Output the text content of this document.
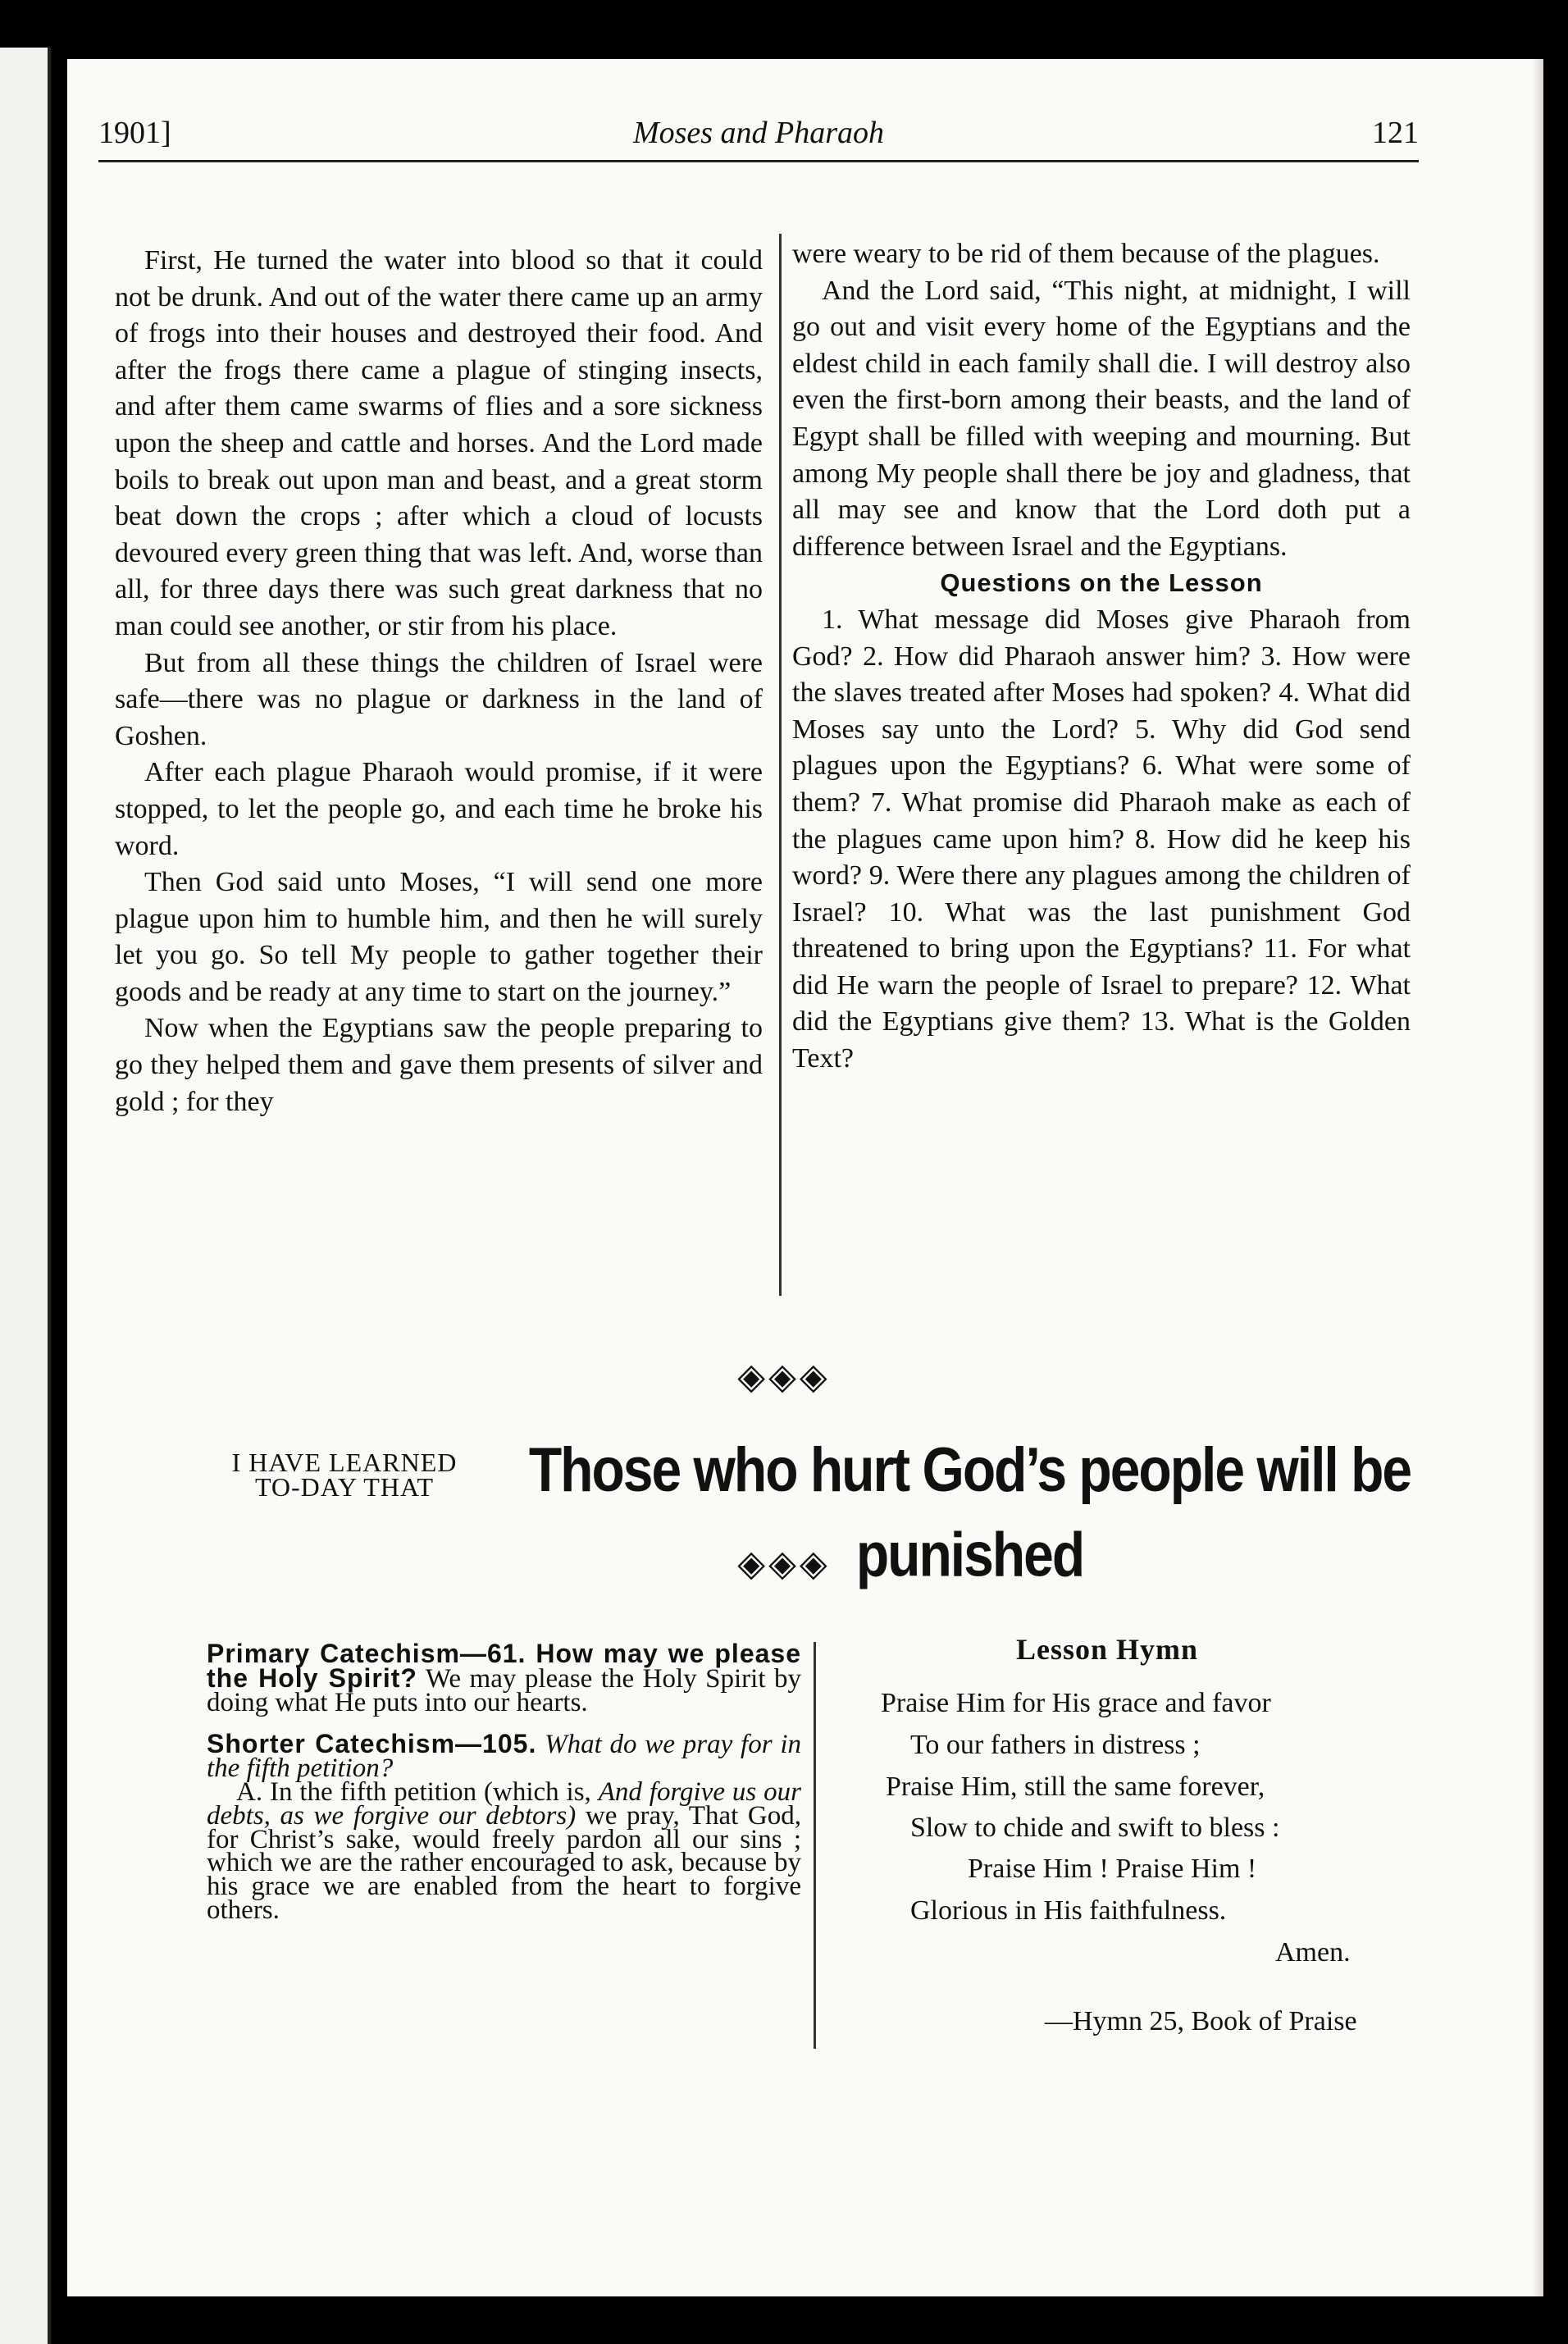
1901]	Moses and Pharaoh	121

First, He turned the water into blood so that it could not be drunk. And out of the water there came up an army of frogs into their houses and destroyed their food. And after the frogs there came a plague of stinging insects, and after them came swarms of flies and a sore sickness upon the sheep and cattle and horses. And the Lord made boils to break out upon man and beast, and a great storm beat down the crops ; after which a cloud of locusts devoured every green thing that was left. And, worse than all, for three days there was such great darkness that no man could see another, or stir from his place.

But from all these things the children of Israel were safe—there was no plague or darkness in the land of Goshen.

After each plague Pharaoh would promise, if it were stopped, to let the people go, and each time he broke his word.

Then God said unto Moses, “I will send one more plague upon him to humble him, and then he will surely let you go. So tell My people to gather together their goods and be ready at any time to start on the journey.”

Now when the Egyptians saw the people preparing to go they helped them and gave them presents of silver and gold ; for they

were weary to be rid of them because of the plagues.

And the Lord said, “This night, at midnight, I will go out and visit every home of the Egyptians and the eldest child in each family shall die. I will destroy also even the first-born among their beasts, and the land of Egypt shall be filled with weeping and mourning. But among My people shall there be joy and gladness, that all may see and know that the Lord doth put a difference between Israel and the Egyptians.

Questions on the Lesson

1. What message did Moses give Pharaoh from God? 2. How did Pharaoh answer him? 3. How were the slaves treated after Moses had spoken? 4. What did Moses say unto the Lord? 5. Why did God send plagues upon the Egyptians? 6. What were some of them? 7. What promise did Pharaoh make as each of the plagues came upon him? 8. How did he keep his word? 9. Were there any plagues among the children of Israel? 10. What was the last punishment God threatened to bring upon the Egyptians? 11. For what did He warn the people of Israel to prepare? 12. What did the Egyptians give them? 13. What is the Golden Text?

◈◈◈
I HAVE LEARNED
TO-DAY THAT	Those who hurt God’s people will be punished
◈◈◈

Primary Catechism—61. How may we please the Holy Spirit? We may please the Holy Spirit by doing what He puts into our hearts.

Shorter Catechism—105. What do we pray for in the fifth petition?

A. In the fifth petition (which is, And forgive us our debts, as we forgive our debtors) we pray, That God, for Christ’s sake, would freely pardon all our sins ; which we are the rather encouraged to ask, because by his grace we are enabled from the heart to forgive others.

Lesson Hymn
Praise Him for His grace and favor
To our fathers in distress ;
Praise Him, still the same forever,
Slow to chide and swift to bless :
Praise Him ! Praise Him !
Glorious in His faithfulness.
Amen.
—Hymn 25, Book of Praise
